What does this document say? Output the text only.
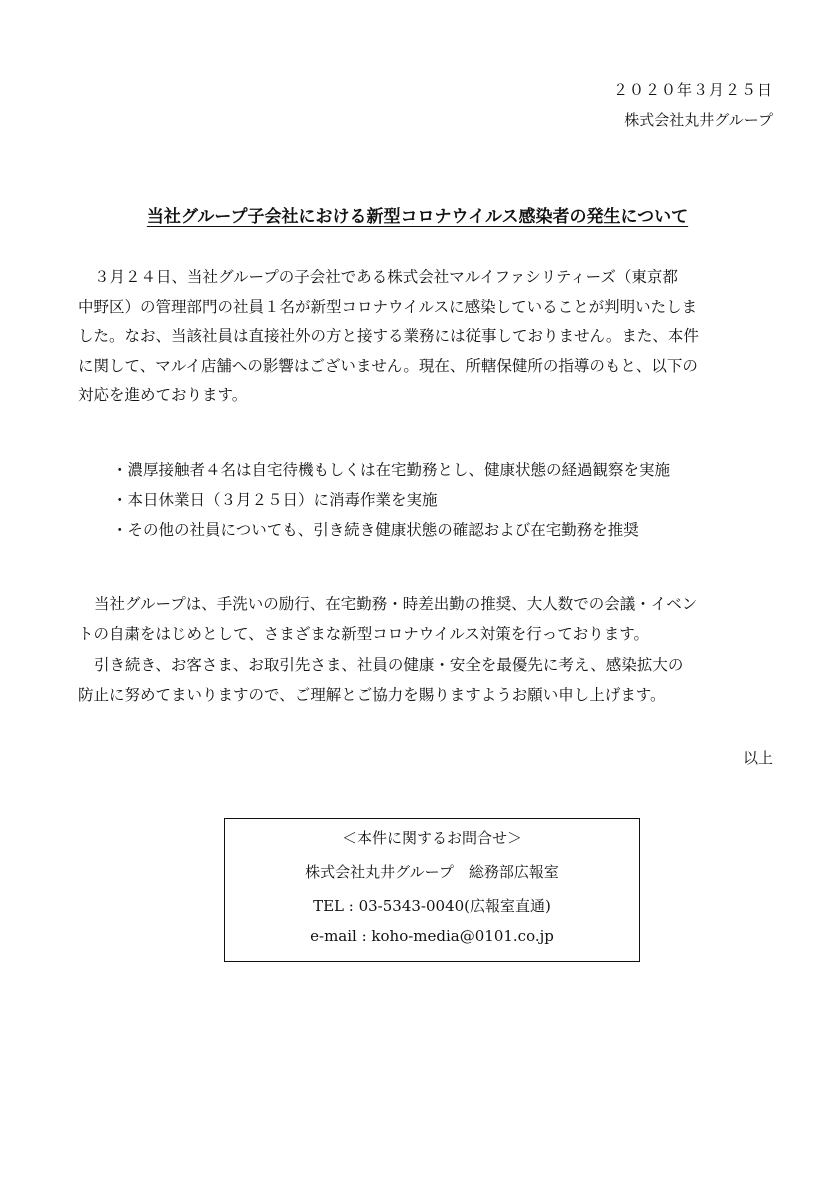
２０２０年３月２５日
株式会社丸井グループ
当社グループ子会社における新型コロナウイルス感染者の発生について
３月２４日、当社グループの子会社である株式会社マルイファシリティーズ（東京都
中野区）の管理部門の社員１名が新型コロナウイルスに感染していることが判明いたしま
した。なお、当該社員は直接社外の方と接する業務には従事しておりません。また、本件
に関して、マルイ店舗への影響はございません。現在、所轄保健所の指導のもと、以下の
対応を進めております。
・濃厚接触者４名は自宅待機もしくは在宅勤務とし、健康状態の経過観察を実施
・本日休業日（３月２５日）に消毒作業を実施
・その他の社員についても、引き続き健康状態の確認および在宅勤務を推奨
当社グループは、手洗いの励行、在宅勤務・時差出勤の推奨、大人数での会議・イベン
トの自粛をはじめとして、さまざまな新型コロナウイルス対策を行っております。
引き続き、お客さま、お取引先さま、社員の健康・安全を最優先に考え、感染拡大の
防止に努めてまいりますので、ご理解とご協力を賜りますようお願い申し上げます。
以上
＜本件に関するお問合せ＞
株式会社丸井グループ　総務部広報室
TEL : 03-5343-0040(広報室直通)
e-mail : koho-media@0101.co.jp
